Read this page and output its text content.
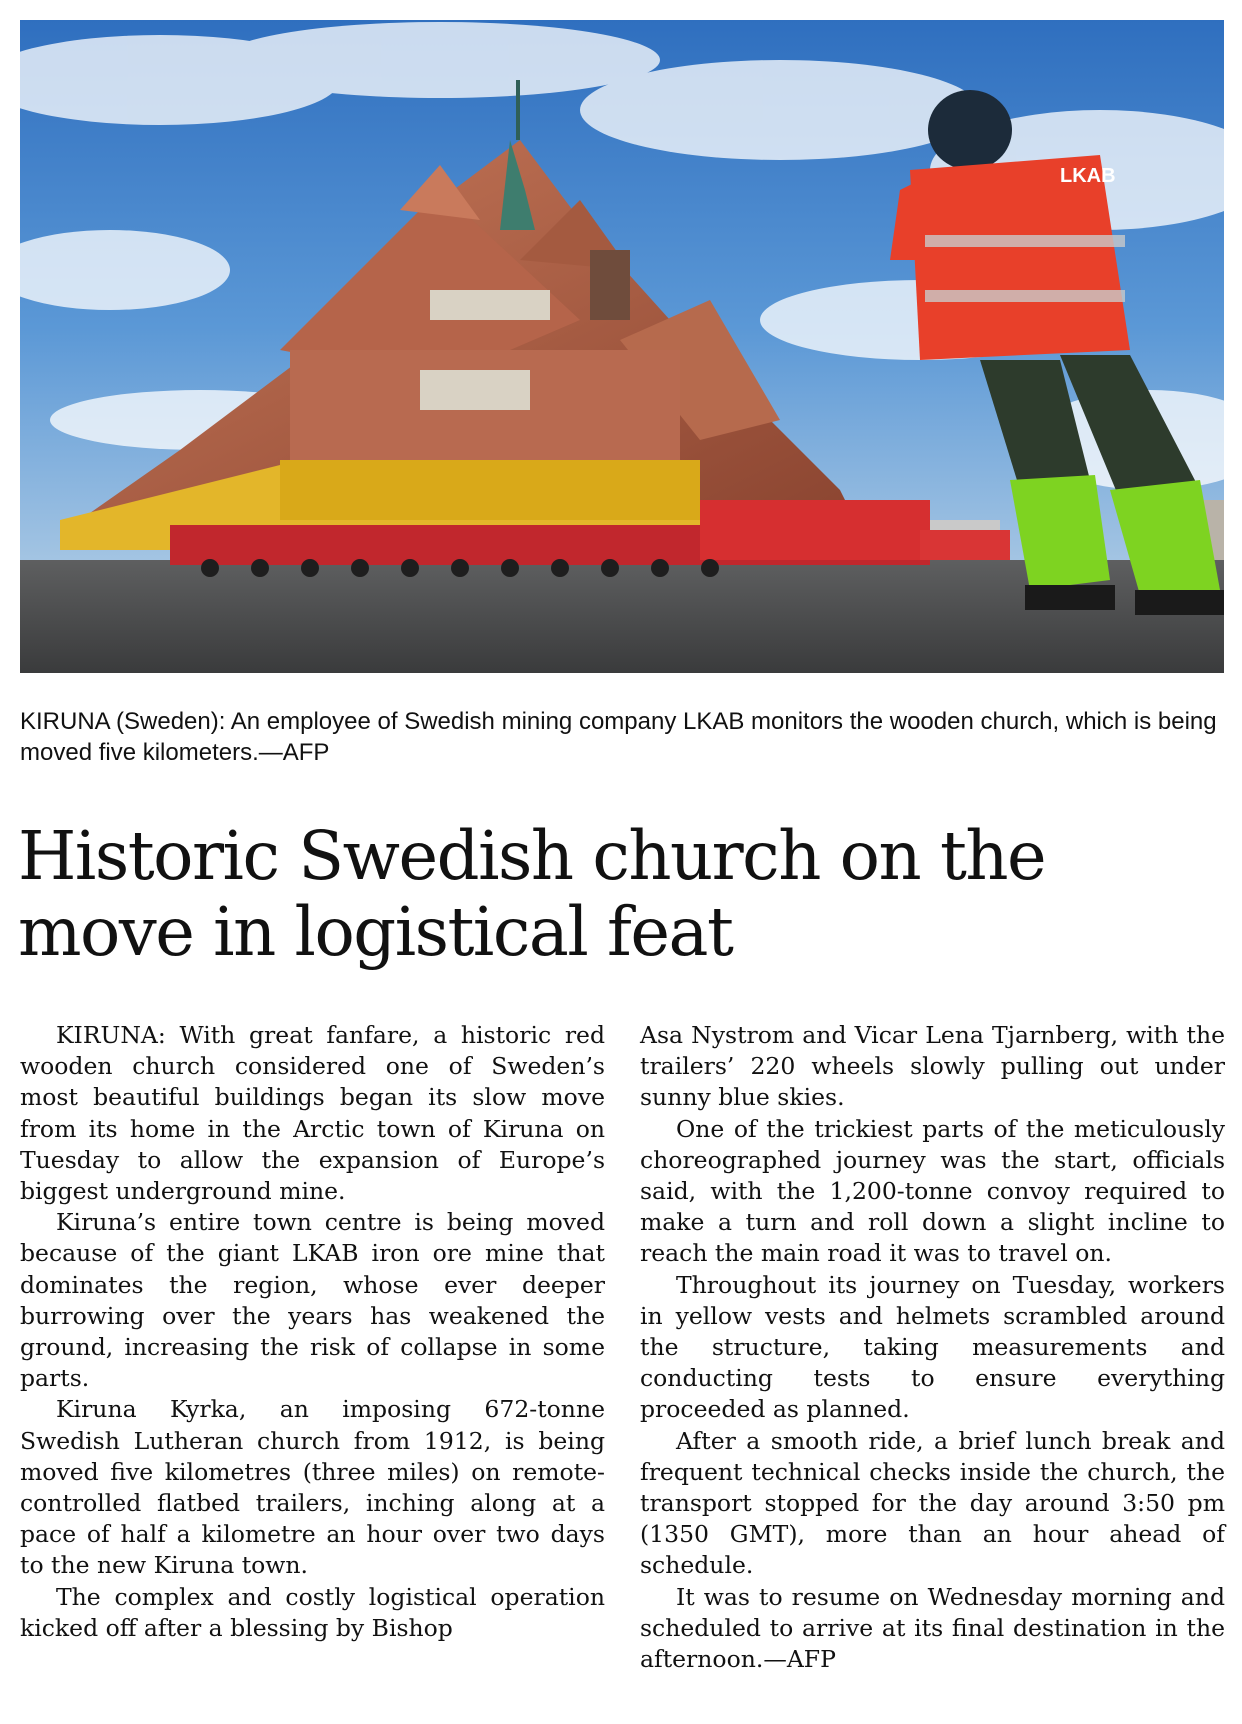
LKAB
KIRUNA (Sweden): An employee of Swedish mining company LKAB monitors the wooden church, which is being moved five kilometers.—AFP
Historic Swedish church on the move in logistical feat

KIRUNA: With great fanfare, a historic red wooden church considered one of Sweden’s most beautiful buildings began its slow move from its home in the Arctic town of Kiruna on Tuesday to allow the expansion of Europe’s biggest underground mine.

Kiruna’s entire town centre is being moved because of the giant LKAB iron ore mine that dominates the region, whose ever deeper burrowing over the years has weakened the ground, increasing the risk of collapse in some parts.

Kiruna Kyrka, an imposing 672-tonne Swedish Lutheran church from 1912, is being moved five kilometres (three miles) on remote-controlled flatbed trailers, inching along at a pace of half a kilometre an hour over two days to the new Kiruna town.

The complex and costly logistical operation kicked off after a blessing by Bishop

Asa Nystrom and Vicar Lena Tjarnberg, with the trailers’ 220 wheels slowly pulling out under sunny blue skies.

One of the trickiest parts of the meticulously choreographed journey was the start, officials said, with the 1,200-tonne convoy required to make a turn and roll down a slight incline to reach the main road it was to travel on.

Throughout its journey on Tuesday, workers in yellow vests and helmets scrambled around the structure, taking measurements and conducting tests to ensure everything proceeded as planned.

After a smooth ride, a brief lunch break and frequent technical checks inside the church, the transport stopped for the day around 3:50 pm (1350 GMT), more than an hour ahead of schedule.

It was to resume on Wednesday morning and scheduled to arrive at its final destination in the afternoon.—AFP
